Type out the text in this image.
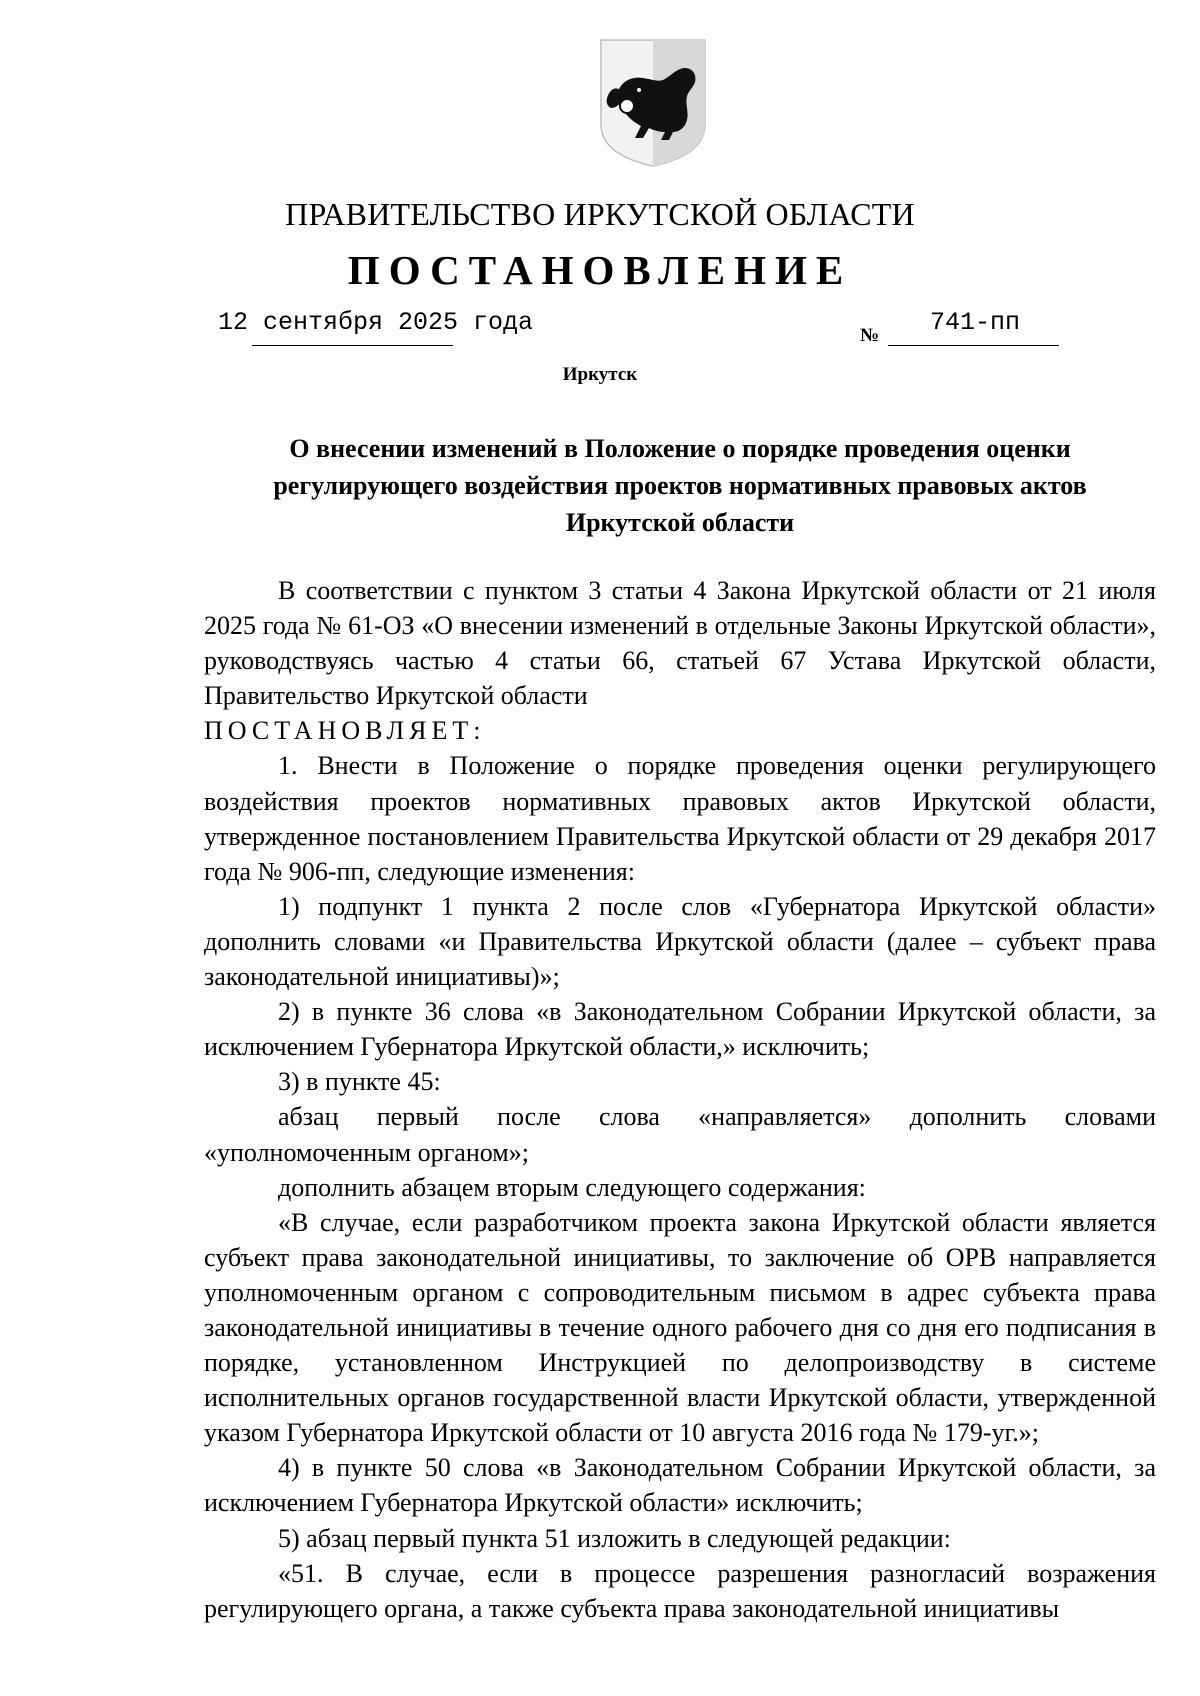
ПРАВИТЕЛЬСТВО ИРКУТСКОЙ ОБЛАСТИ
ПОСТАНОВЛЕНИЕ
12 сентября 2025 года	№ 741-пп
Иркутск
О внесении изменений в Положение о порядке проведения оценки
регулирующего воздействия проектов нормативных правовых актов
Иркутской области

В соответствии с пунктом 3 статьи 4 Закона Иркутской области от 21 июля 2025 года № 61-ОЗ «О внесении изменений в отдельные Законы Иркутской области», руководствуясь частью 4 статьи 66, статьей 67 Устава Иркутской области, Правительство Иркутской области

ПОСТАНОВЛЯЕТ:

1. Внести в Положение о порядке проведения оценки регулирующего воздействия проектов нормативных правовых актов Иркутской области, утвержденное постановлением Правительства Иркутской области от 29 декабря 2017 года № 906-пп, следующие изменения:

1) подпункт 1 пункта 2 после слов «Губернатора Иркутской области» дополнить словами «и Правительства Иркутской области (далее – субъект права законодательной инициативы)»;

2) в пункте 36 слова «в Законодательном Собрании Иркутской области, за исключением Губернатора Иркутской области,» исключить;

3) в пункте 45:

абзац первый после слова «направляется» дополнить словами «уполномоченным органом»;

дополнить абзацем вторым следующего содержания:

«В случае, если разработчиком проекта закона Иркутской области является субъект права законодательной инициативы, то заключение об ОРВ направляется уполномоченным органом с сопроводительным письмом в адрес субъекта права законодательной инициативы в течение одного рабочего дня со дня его подписания в порядке, установленном Инструкцией по делопроизводству в системе исполнительных органов государственной власти Иркутской области, утвержденной указом Губернатора Иркутской области от 10 августа 2016 года № 179-уг.»;

4) в пункте 50 слова «в Законодательном Собрании Иркутской области, за исключением Губернатора Иркутской области» исключить;

5) абзац первый пункта 51 изложить в следующей редакции:

«51. В случае, если в процессе разрешения разногласий возражения регулирующего органа, а также субъекта права законодательной инициативы
